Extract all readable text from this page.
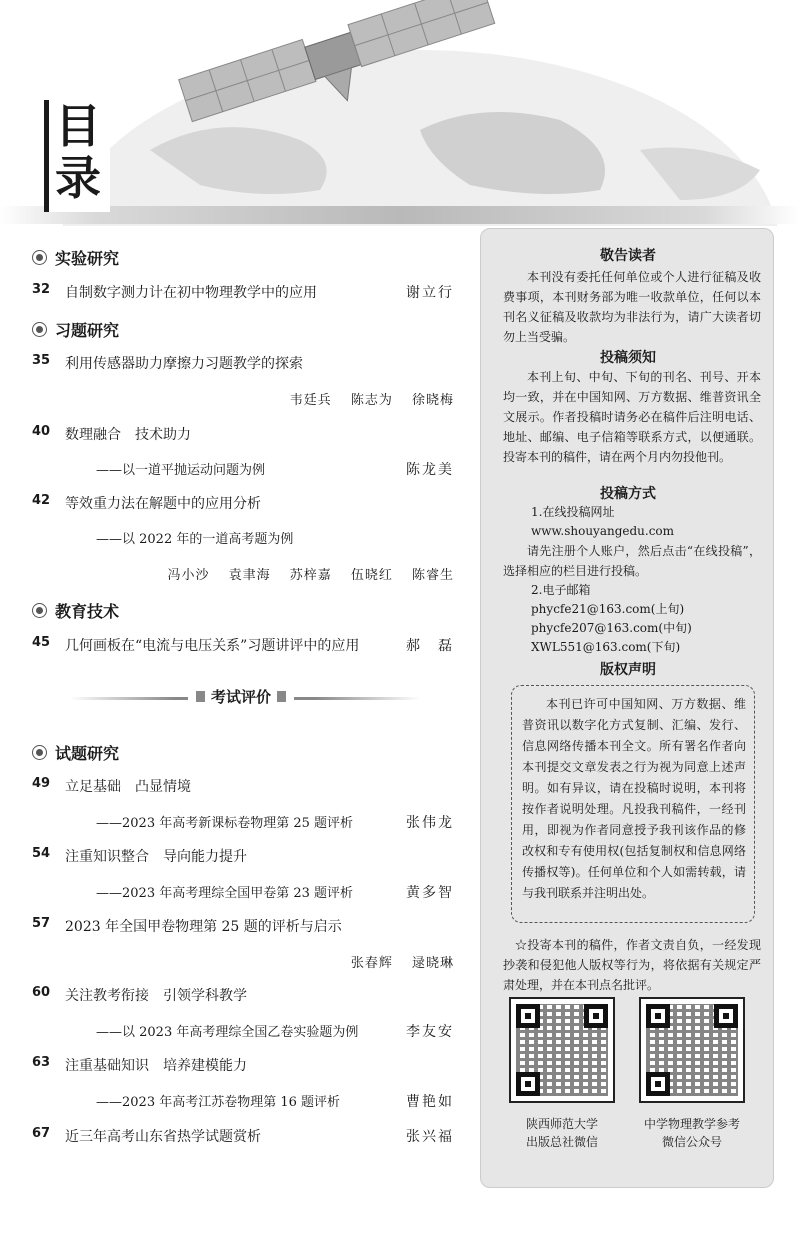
目
录
实验研究
32 自制数字测力计在初中物理教学中的应用	谢立行
习题研究
35 利用传感器助力摩擦力习题教学的探索
韦廷兵 陈志为 徐晓梅
40 数理融合　技术助力
——以一道平抛运动问题为例	陈龙美
42 等效重力法在解题中的应用分析
——以 2022 年的一道高考题为例
冯小沙 袁聿海 苏梓嘉 伍晓红 陈睿生
教育技术
45 几何画板在“电流与电压关系”习题讲评中的应用	郝　磊
考试评价
试题研究
49 立足基础　凸显情境
——2023 年高考新课标卷物理第 25 题评析	张伟龙
54 注重知识整合　导向能力提升
——2023 年高考理综全国甲卷第 23 题评析	黄多智
57 2023 年全国甲卷物理第 25 题的评析与启示
张春辉 逯晓琳
60 关注教考衔接　引领学科教学
——以 2023 年高考理综全国乙卷实验题为例	李友安
63 注重基础知识　培养建模能力
——2023 年高考江苏卷物理第 16 题评析	曹艳如
67 近三年高考山东省热学试题赏析	张兴福
敬告读者
本刊没有委托任何单位或个人进行征稿及收费事项，本刊财务部为唯一收款单位，任何以本刊名义征稿及收款均为非法行为，请广大读者切勿上当受骗。
投稿须知
本刊上旬、中旬、下旬的刊名、刊号、开本均一致，并在中国知网、万方数据、维普资讯全文展示。作者投稿时请务必在稿件后注明电话、地址、邮编、电子信箱等联系方式，以便通联。投寄本刊的稿件，请在两个月内勿投他刊。
投稿方式
1.在线投稿网址
www.shouyangedu.com
请先注册个人账户，然后点击“在线投稿”，选择相应的栏目进行投稿。
2.电子邮箱
phycfe21@163.com(上旬)
phycfe207@163.com(中旬)
XWL551@163.com(下旬)
版权声明
本刊已许可中国知网、万方数据、维普资讯以数字化方式复制、汇编、发行、信息网络传播本刊全文。所有署名作者向本刊提交文章发表之行为视为同意上述声明。如有异议，请在投稿时说明，本刊将按作者说明处理。凡投我刊稿件，一经刊用，即视为作者同意授予我刊该作品的修改权和专有使用权(包括复制权和信息网络传播权等)。任何单位和个人如需转载，请与我刊联系并注明出处。
☆投寄本刊的稿件，作者文责自负，一经发现抄袭和侵犯他人版权等行为，将依据有关规定严肃处理，并在本刊点名批评。
陕西师范大学
出版总社微信
中学物理教学参考
微信公众号
